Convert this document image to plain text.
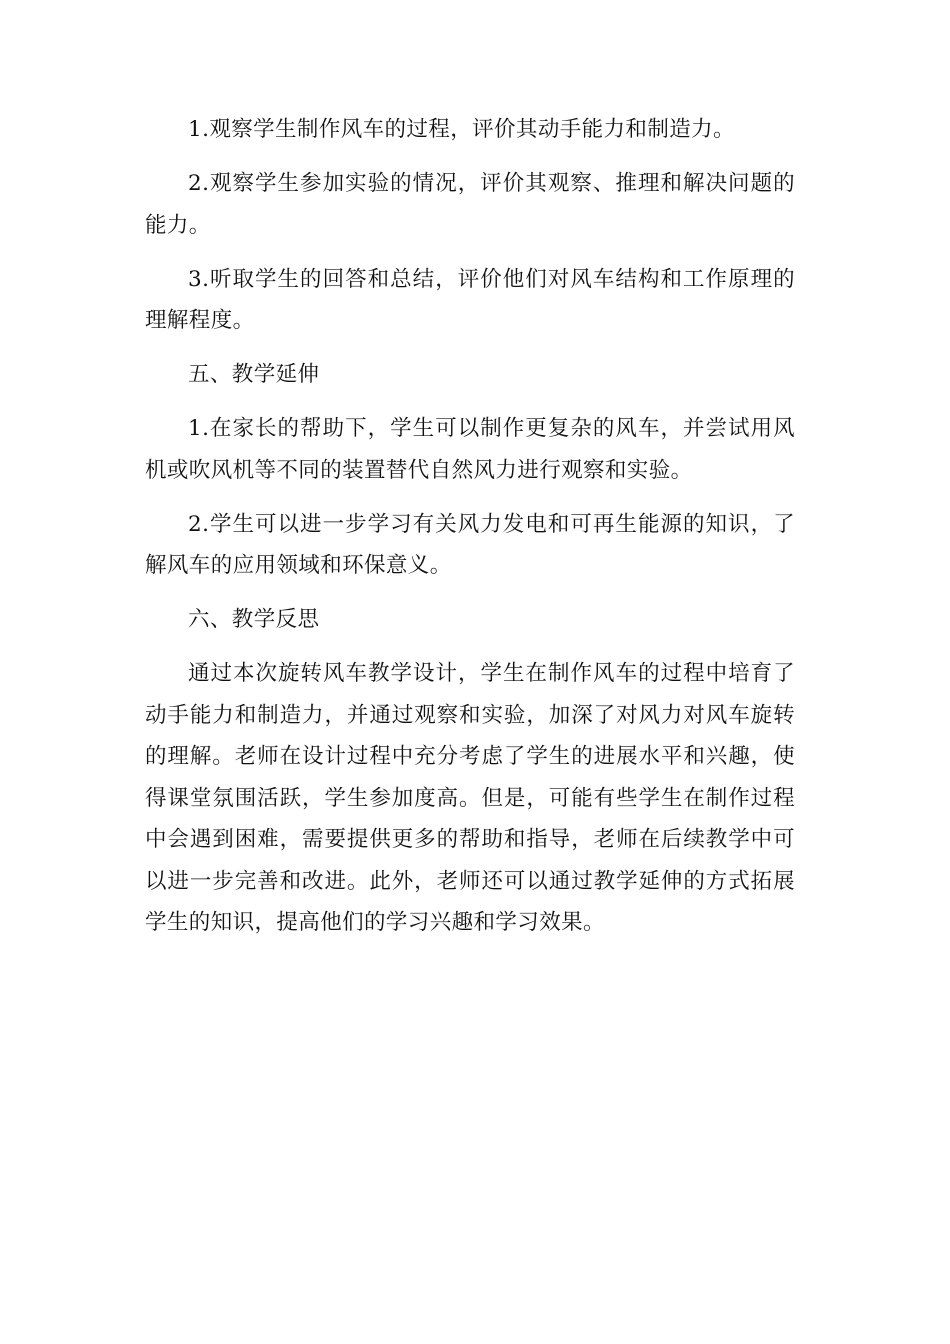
1.观察学生制作风车的过程，评价其动手能力和制造力。

2.观察学生参加实验的情况，评价其观察、推理和解决问题的能力。

3.听取学生的回答和总结，评价他们对风车结构和工作原理的理解程度。

五、教学延伸

1.在家长的帮助下，学生可以制作更复杂的风车，并尝试用风机或吹风机等不同的装置替代自然风力进行观察和实验。

2.学生可以进一步学习有关风力发电和可再生能源的知识，了解风车的应用领域和环保意义。

六、教学反思

通过本次旋转风车教学设计，学生在制作风车的过程中培育了动手能力和制造力，并通过观察和实验，加深了对风力对风车旋转的理解。老师在设计过程中充分考虑了学生的进展水平和兴趣，使得课堂氛围活跃，学生参加度高。但是，可能有些学生在制作过程中会遇到困难，需要提供更多的帮助和指导，老师在后续教学中可以进一步完善和改进。此外，老师还可以通过教学延伸的方式拓展学生的知识，提高他们的学习兴趣和学习效果。
